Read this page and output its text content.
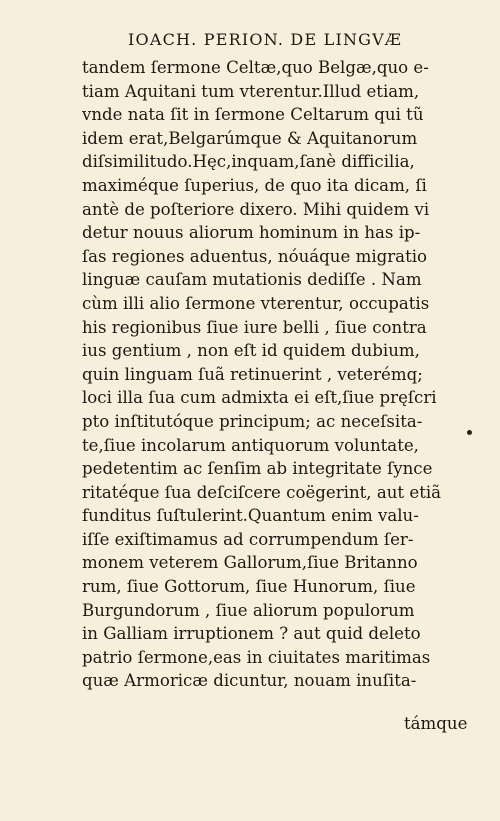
IOACH. PERION. DE LINGVÆ
tandem ſermone Celtæ,quo Belgæ,quo e-
tiam Aquitani tum vterentur.Illud etiam,
vnde nata ſit in ſermone Celtarum qui tũ
idem erat,Belgarúmque & Aquitanorum
diſsimilitudo.Hęc,inquam,ſanè difficilia,
maximéque ſuperius, de quo ita dicam, ſi
antè de poſteriore dixero. Mihi quidem vi
detur nouus aliorum hominum in has ip-
ſas regiones aduentus, nóuáque migratio
linguæ cauſam mutationis dediſſe . Nam
cùm illi alio ſermone vterentur, occupatis
his regionibus ſiue iure belli , ſiue contra
ius gentium , non eſt id quidem dubium,
quin linguam ſuã retinuerint , veterémq;
loci illa ſua cum admixta ei eſt,ſiue pręſcri
pto inſtitutóque principum; ac neceſsita-
te,ſiue incolarum antiquorum voluntate,
pedetentim ac ſenſim ab integritate ſynce
ritatéque ſua deſciſcere coëgerint, aut etiã
funditus ſuſtulerint.Quantum enim valu-
iſſe exiſtimamus ad corrumpendum ſer-
monem veterem Gallorum,ſiue Britanno
rum, ſiue Gottorum, ſiue Hunorum, ſiue
Burgundorum , ſiue aliorum populorum
in Galliam irruptionem ? aut quid deleto
patrio ſermone,eas in ciuitates maritimas
quæ Armoricæ dicuntur, nouam inuſita-
támque
